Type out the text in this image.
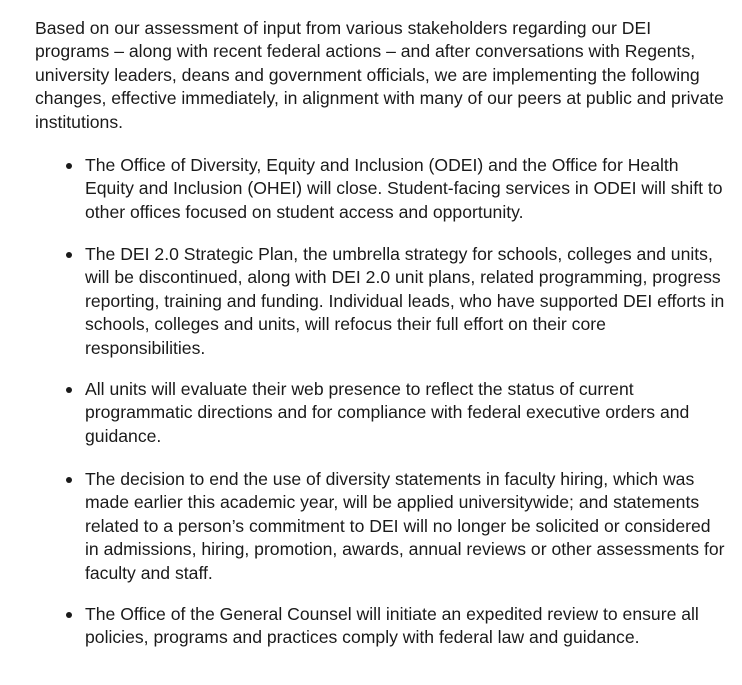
Based on our assessment of input from various stakeholders regarding our DEI programs – along with recent federal actions – and after conversations with Regents, university leaders, deans and government officials, we are implementing the following changes, effective immediately, in alignment with many of our peers at public and private institutions.

The Office of Diversity, Equity and Inclusion (ODEI) and the Office for Health Equity and Inclusion (OHEI) will close. Student-facing services in ODEI will shift to other offices focused on student access and opportunity.
The DEI 2.0 Strategic Plan, the umbrella strategy for schools, colleges and units, will be discontinued, along with DEI 2.0 unit plans, related programming, progress reporting, training and funding. Individual leads, who have supported DEI efforts in schools, colleges and units, will refocus their full effort on their core responsibilities.
All units will evaluate their web presence to reflect the status of current programmatic directions and for compliance with federal executive orders and guidance.
The decision to end the use of diversity statements in faculty hiring, which was made earlier this academic year, will be applied universitywide; and statements related to a person’s commitment to DEI will no longer be solicited or considered in admissions, hiring, promotion, awards, annual reviews or other assessments for faculty and staff.
The Office of the General Counsel will initiate an expedited review to ensure all policies, programs and practices comply with federal law and guidance.
